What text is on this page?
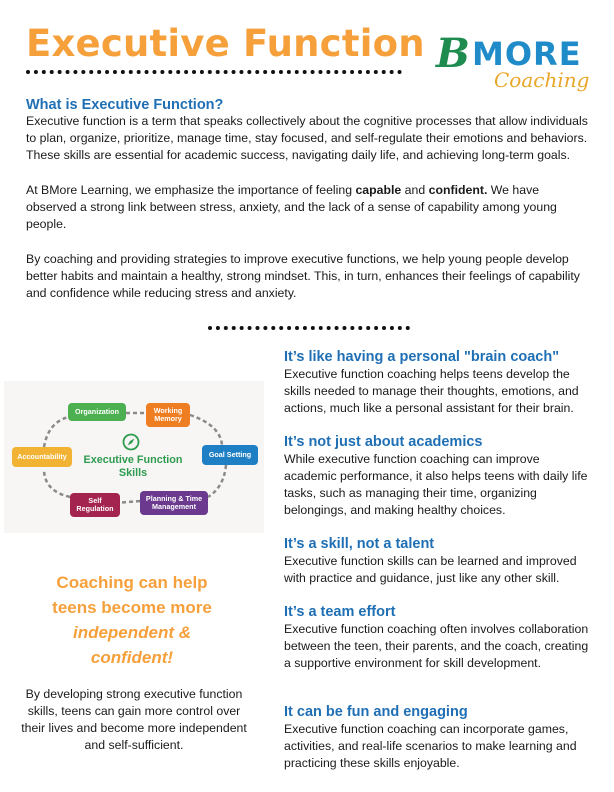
Executive Function B MORE
Coaching
What is Executive Function?
Executive function is a term that speaks collectively about the cognitive processes that allow individuals to plan, organize, prioritize, manage time, stay focused, and self-regulate their emotions and behaviors. These skills are essential for academic success, navigating daily life, and achieving long-term goals.
At BMore Learning, we emphasize the importance of feeling capable and confident. We have observed a strong link between stress, anxiety, and the lack of a sense of capability among young people.
By coaching and providing strategies to improve executive functions, we help young people develop better habits and maintain a healthy, strong mindset. This, in turn, enhances their feelings of capability and confidence while reducing stress and anxiety.
Organization	Working
Memory
Goal Setting
Planning & Time
Management
Self
Regulation
Accountability Executive Function Skills
Coaching can help
teens become more
independent &
confident!
By developing strong executive function skills, teens can gain more control over their lives and become more independent and self-sufficient.
It’s like having a personal "brain coach"
Executive function coaching helps teens develop the skills needed to manage their thoughts, emotions, and actions, much like a personal assistant for their brain.
It’s not just about academics
While executive function coaching can improve academic performance, it also helps teens with daily life tasks, such as managing their time, organizing belongings, and making healthy choices.
It’s a skill, not a talent
Executive function skills can be learned and improved with practice and guidance, just like any other skill.
It’s a team effort
Executive function coaching often involves collaboration between the teen, their parents, and the coach, creating a supportive environment for skill development.
It can be fun and engaging
Executive function coaching can incorporate games, activities, and real-life scenarios to make learning and practicing these skills enjoyable.
